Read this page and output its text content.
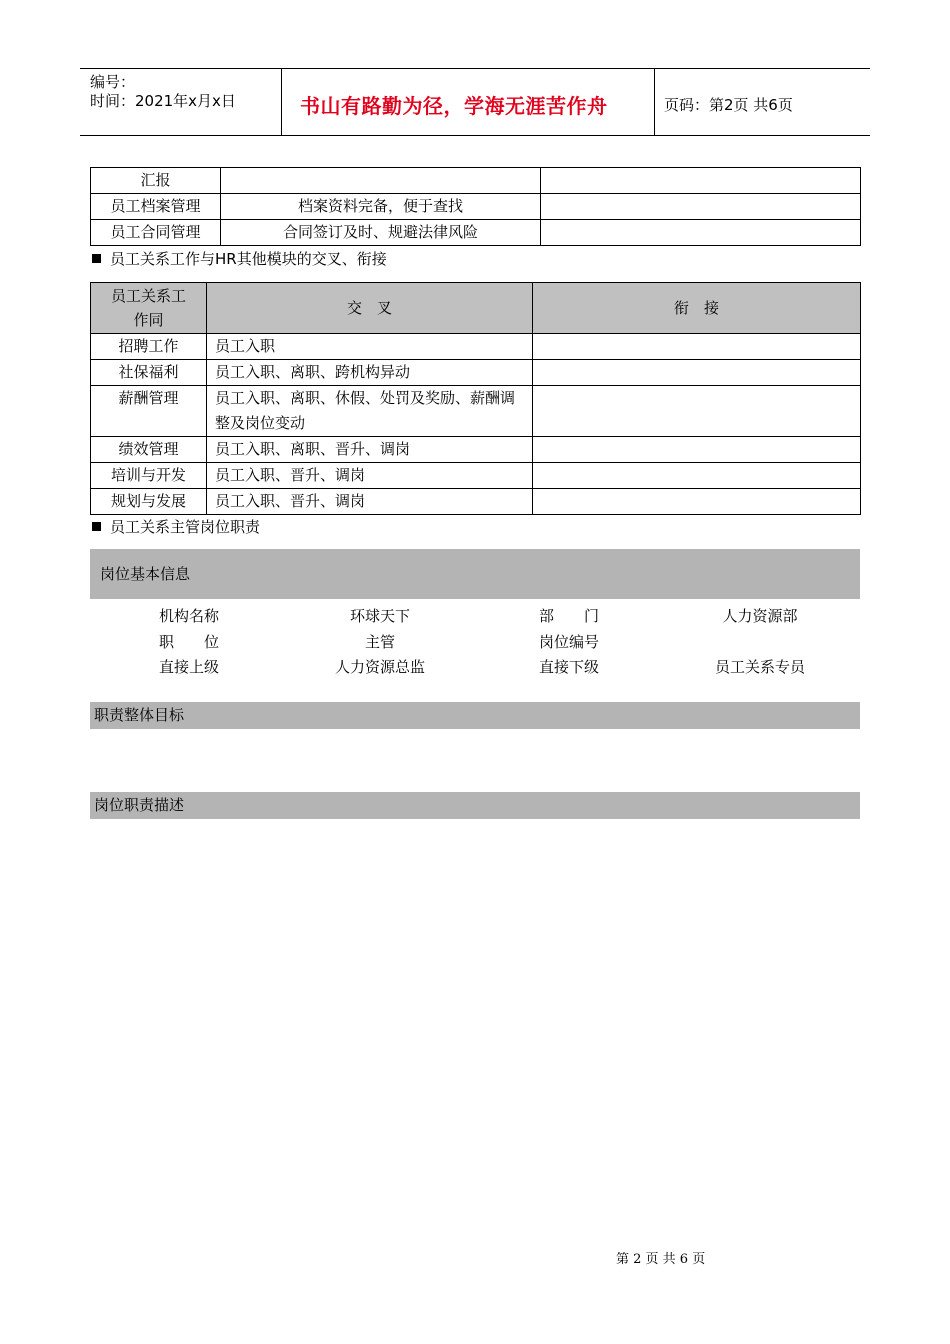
编号：
时间：2021年x月x日	书山有路勤为径，学海无涯苦作舟	页码：第2页 共6页
汇报		
员工档案管理	档案资料完备，便于查找	
员工合同管理	合同签订及时、规避法律风险	
员工关系工作与HR其他模块的交叉、衔接
员工关系工作同	交　叉	衔　接
招聘工作	员工入职	
社保福利	员工入职、离职、跨机构异动	
薪酬管理	员工入职、离职、休假、处罚及奖励、薪酬调整及岗位变动	
绩效管理	员工入职、离职、晋升、调岗	
培训与开发	员工入职、晋升、调岗	
规划与发展	员工入职、晋升、调岗	
员工关系主管岗位职责
岗位基本信息
机构名称	环球天下	部　　门	人力资源部
职　　位	主管	岗位编号
直接上级	人力资源总监	直接下级	员工关系专员
职责整体目标
岗位职责描述
第 2 页 共 6 页
